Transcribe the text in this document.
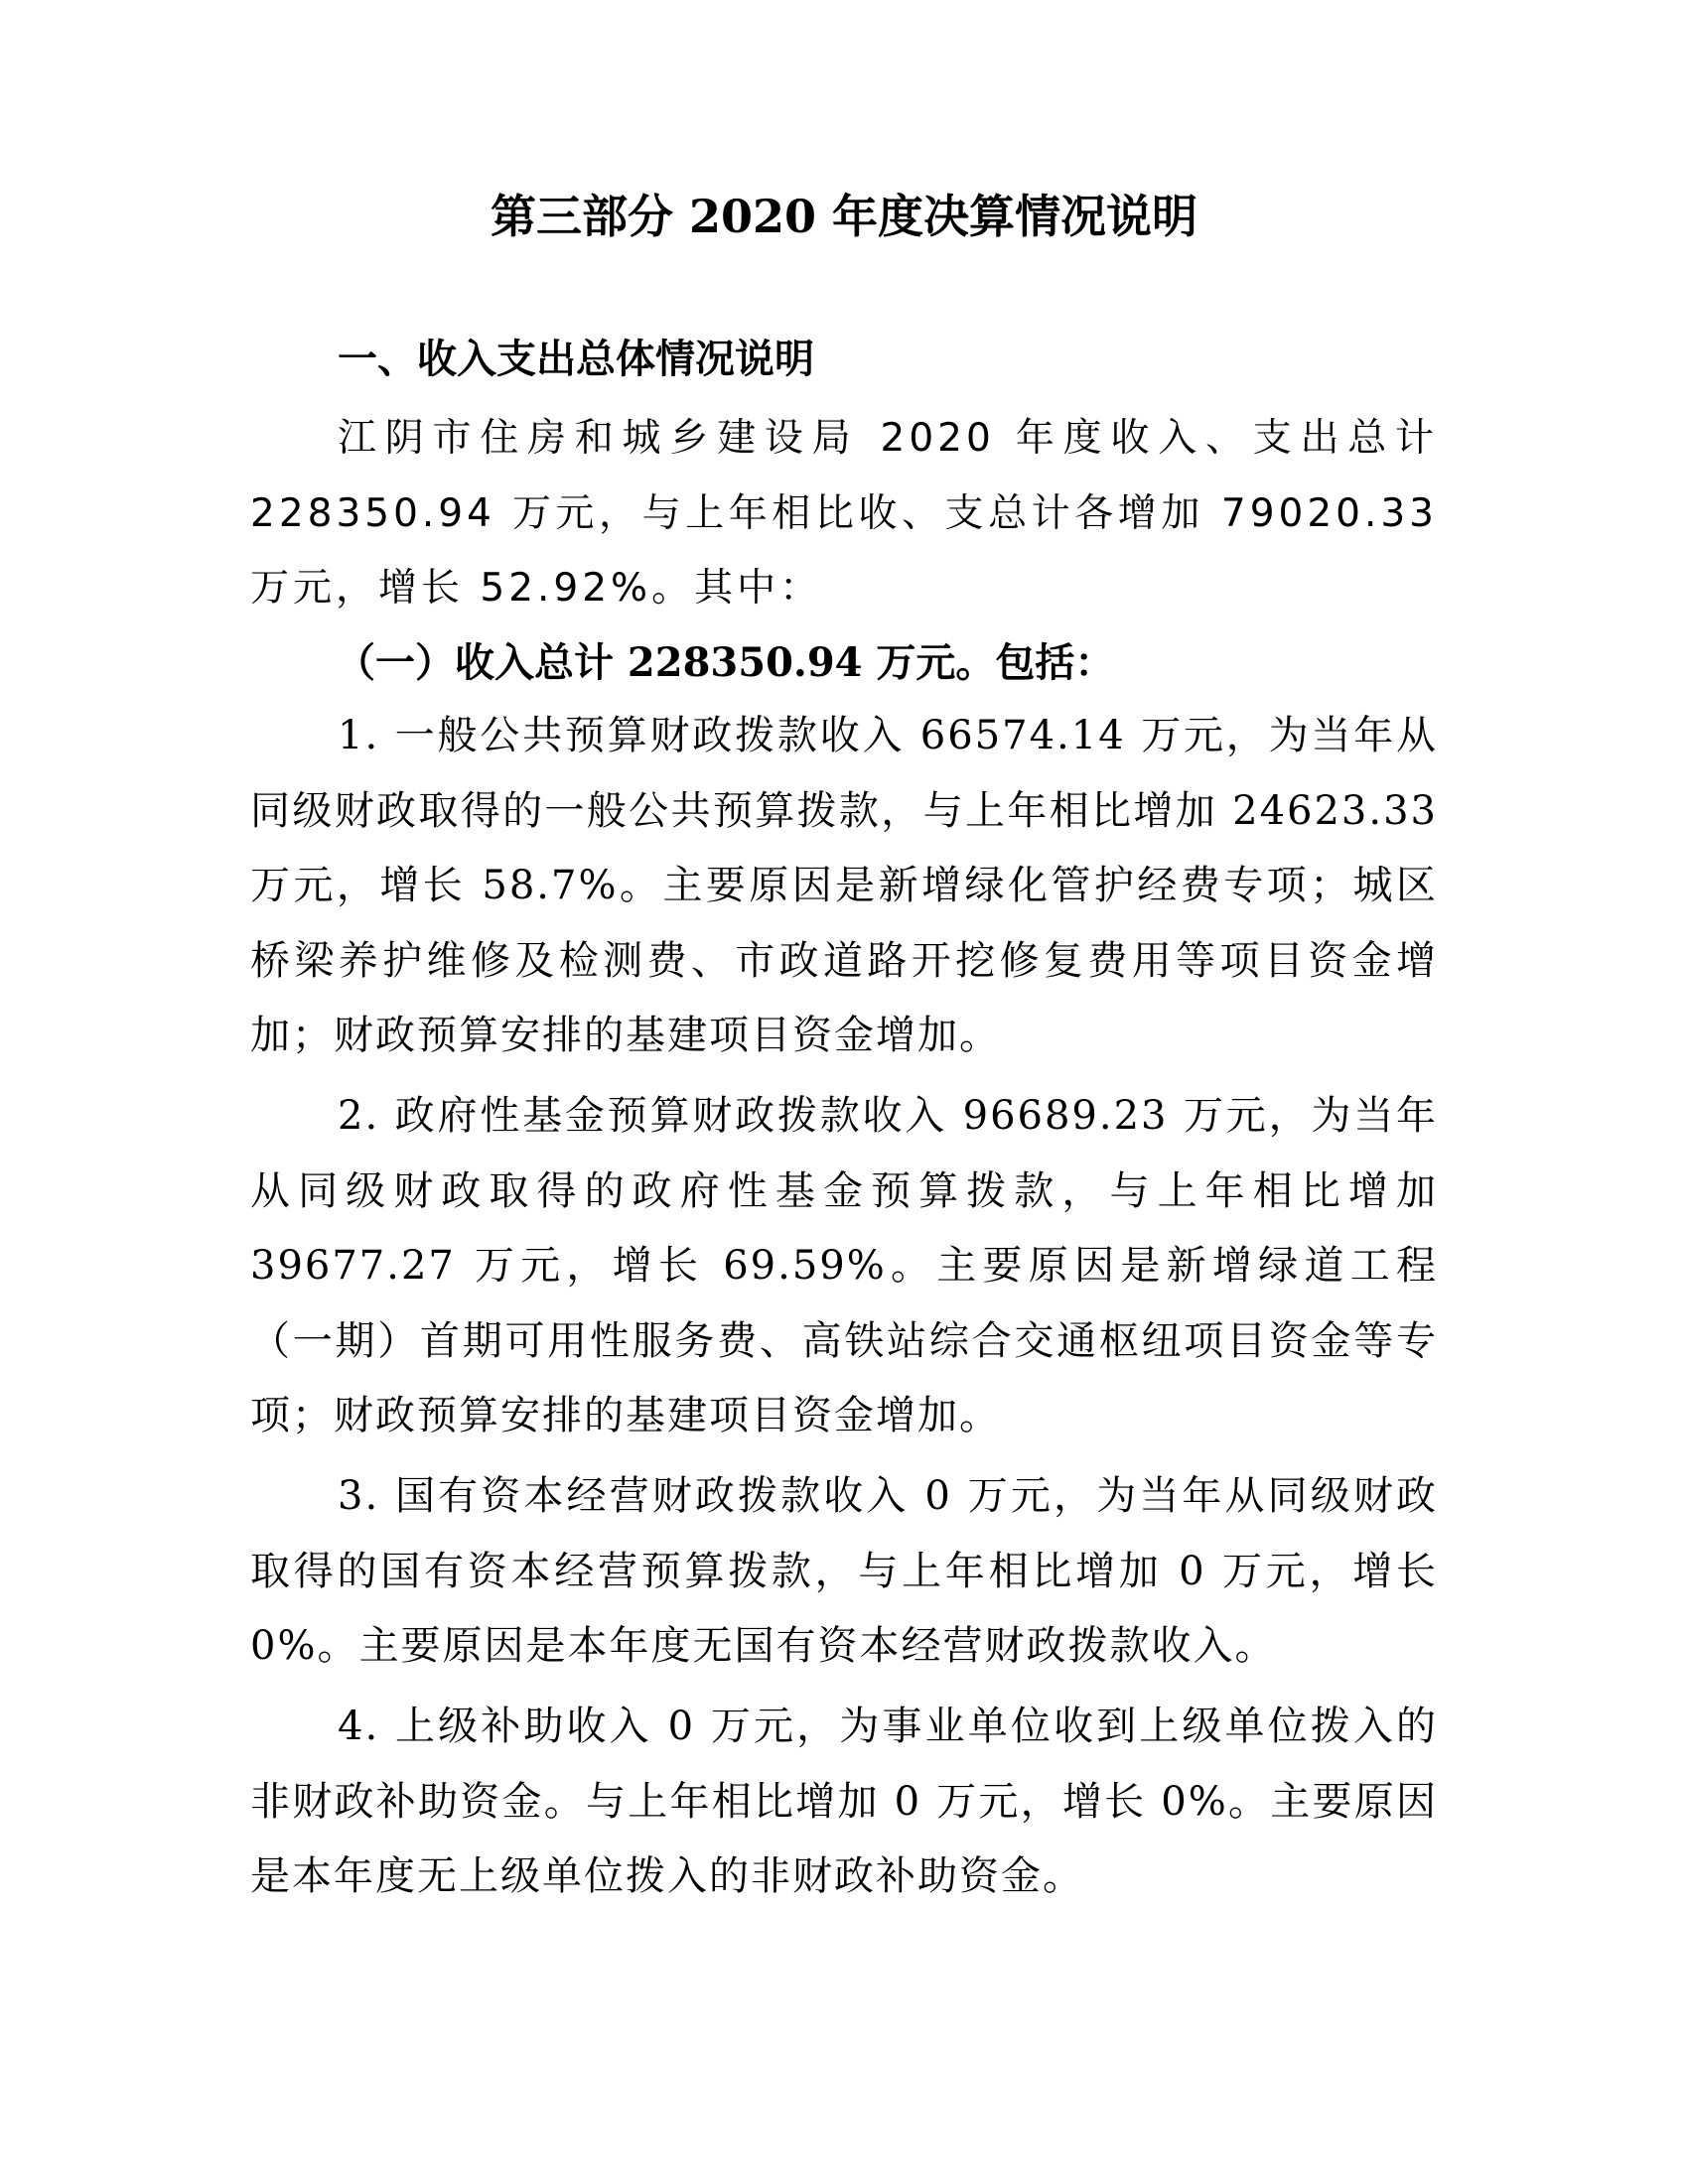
第三部分 2020 年度决算情况说明
一、收入支出总体情况说明

江阴市住房和城乡建设局 2020 年度收入、支出总计 228350.94 万元，与上年相比收、支总计各增加 79020.33 万元，增长 52.92%。其中：

（一）收入总计 228350.94 万元。包括：

1. 一般公共预算财政拨款收入 66574.14 万元，为当年从同级财政取得的一般公共预算拨款，与上年相比增加 24623.33 万元，增长 58.7%。主要原因是新增绿化管护经费专项；城区桥梁养护维修及检测费、市政道路开挖修复费用等项目资金增加；财政预算安排的基建项目资金增加。

2. 政府性基金预算财政拨款收入 96689.23 万元，为当年从同级财政取得的政府性基金预算拨款，与上年相比增加 39677.27 万元，增长 69.59%。主要原因是新增绿道工程（一期）首期可用性服务费、高铁站综合交通枢纽项目资金等专项；财政预算安排的基建项目资金增加。

3. 国有资本经营财政拨款收入 0 万元，为当年从同级财政取得的国有资本经营预算拨款，与上年相比增加 0 万元，增长 0%。主要原因是本年度无国有资本经营财政拨款收入。

4. 上级补助收入 0 万元，为事业单位收到上级单位拨入的非财政补助资金。与上年相比增加 0 万元，增长 0%。主要原因是本年度无上级单位拨入的非财政补助资金。
